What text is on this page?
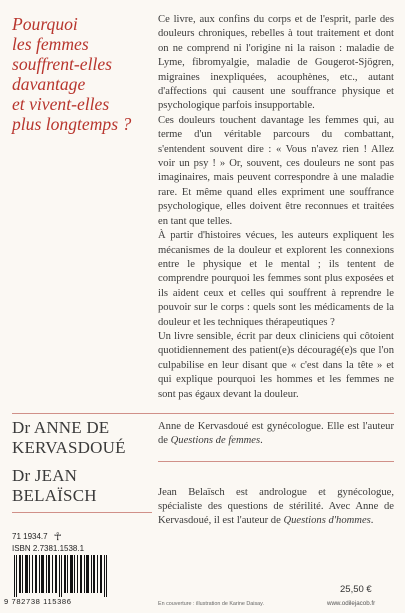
Pourquoi
les femmes
souffrent-elles
davantage
et vivent-elles
plus longtemps ?

Ce livre, aux confins du corps et de l'esprit, parle des douleurs chroniques, rebelles à tout traitement et dont on ne comprend ni l'origine ni la raison : maladie de Lyme, fibromyalgie, maladie de Gougerot-Sjögren, migraines inexpliquées, acouphènes, etc., autant d'affections qui causent une souffrance physique et psychologique parfois insupportable.

Ces douleurs touchent davantage les femmes qui, au terme d'un véritable parcours du combattant, s'entendent souvent dire : « Vous n'avez rien ! Allez voir un psy ! » Or, souvent, ces douleurs ne sont pas imaginaires, mais peuvent correspondre à une maladie rare. Et même quand elles expriment une souffrance psychologique, elles doivent être reconnues et traitées en tant que telles.

À partir d'histoires vécues, les auteurs expliquent les mécanismes de la douleur et explorent les connexions entre le physique et le mental ; ils tentent de comprendre pourquoi les femmes sont plus exposées et ils aident ceux et celles qui souffrent à reprendre le pouvoir sur le corps : quels sont les médicaments de la douleur et les techniques thérapeutiques ?

Un livre sensible, écrit par deux cliniciens qui côtoient quotidiennement des patient(e)s découragé(e)s que l'on culpabilise en leur disant que « c'est dans la tête » et qui explique pourquoi les hommes et les femmes ne sont pas égaux devant la douleur.

Dr ANNE DE
KERVASDOUÉ
Anne de Kervasdoué est gynécologue. Elle est l'auteur de Questions de femmes.
Dr JEAN
BELAÏSCH	Jean Belaïsch est andrologue et gynécologue, spécialiste des questions de stérilité. Avec Anne de Kervasdoué, il est l'auteur de Questions d'hommes.
71 1934.7 ☥
ISBN 2.7381.1538.1
9 782738 115386	En couverture : illustration de Karine Daisay.
25,50 €
www.odilejacob.fr
